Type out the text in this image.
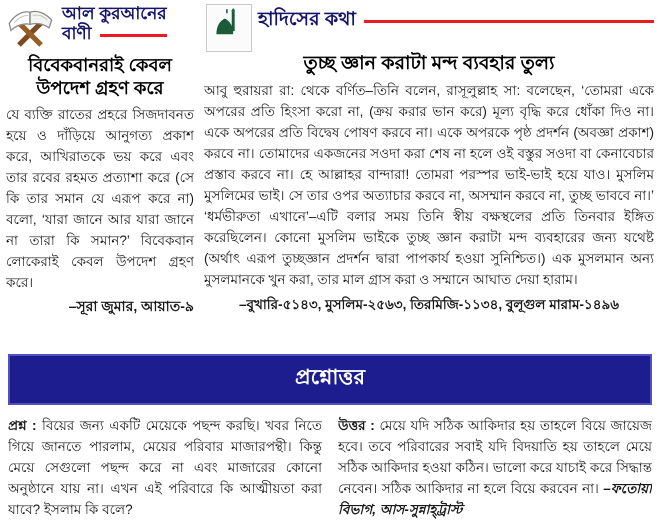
আল কুরআনের
বাণী
হাদিসের কথা
বিবেকবানরাই কেবল উপদেশ গ্রহণ করে
যে ব্যক্তি রাতের প্রহরে সিজদাবনত হয়ে ও দাঁড়িয়ে আনুগত্য প্রকাশ করে, আখিরাতকে ভয় করে এবং তার রবের রহমত প্রত্যাশা করে (সে কি তার সমান যে এরূপ করে না) বলো, ‘যারা জানে আর যারা জানে না তারা কি সমান?’ বিবেকবান লোকেরাই কেবল উপদেশ গ্রহণ করে।
–সূরা জুমার, আয়াত-৯
তুচ্ছ জ্ঞান করাটা মন্দ ব্যবহার তুল্য
আবু হুরায়রা রা: থেকে বর্ণিত–তিনি বলেন, রাসূলুল্লাহ সা: বলেছেন, ‘তোমরা একে অপরের প্রতি হিংসা করো না, (ক্রয় করার ভান করে) মূল্য বৃদ্ধি করে ধোঁকা দিও না। একে অপরের প্রতি বিদ্বেষ পোষণ করবে না। একে অপরকে পৃষ্ঠ প্রদর্শন (অবজ্ঞা প্রকাশ) করবে না। তোমাদের একজনের সওদা করা শেষ না হলে ওই বস্তুর সওদা বা কেনাবেচার প্রস্তাব করবে না। হে আল্লাহর বান্দারা! তোমরা পরস্পর ভাই-ভাই হয়ে যাও। মুসলিম মুসলিমের ভাই। সে তার ওপর অত্যাচার করবে না, অসম্মান করবে না, তুচ্ছ ভাববে না।’ ‘ধর্মভীরুতা এখানে’–এটি বলার সময় তিনি স্বীয় বক্ষস্থলের প্রতি তিনবার ইঙ্গিত করেছিলেন। কোনো মুসলিম ভাইকে তুচ্ছ জ্ঞান করাটা মন্দ ব্যবহারের জন্য যথেষ্ট (অর্থাৎ এরূপ তুচ্ছজ্ঞান প্রদর্শন দ্বারা পাপকার্য হওয়া সুনিশ্চিত।) এক মুসলমান অন্য মুসলমানকে খুন করা, তার মাল গ্রাস করা ও সম্মানে আঘাত দেয়া হারাম।
–বুখারি-৫১৪৩, মুসলিম-২৫৬৩, তিরমিজি-১১৩৪, বুলূগুল মারাম-১৪৯৬
প্রশ্নোত্তর
প্রশ্ন : বিয়ের জন্য একটি মেয়েকে পছন্দ করছি। খবর নিতে গিয়ে জানতে পারলাম, মেয়ের পরিবার মাজারপন্থী। কিন্তু মেয়ে সেগুলো পছন্দ করে না এবং মাজারের কোনো অনুষ্ঠানে যায় না। এখন এই পরিবারে কি আত্মীয়তা করা যাবে? ইসলাম কি বলে?
উত্তর : মেয়ে যদি সঠিক আকিদার হয় তাহলে বিয়ে জায়েজ হবে। তবে পরিবারের সবাই যদি বিদয়াতি হয় তাহলে মেয়ে সঠিক আকিদার হওয়া কঠিন। ভালো করে যাচাই করে সিদ্ধান্ত নেবেন। সঠিক আকিদার না হলে বিয়ে করবেন না। –ফতোয়া বিভাগ, আস-সুন্নাহ্‌ট্রাস্ট
